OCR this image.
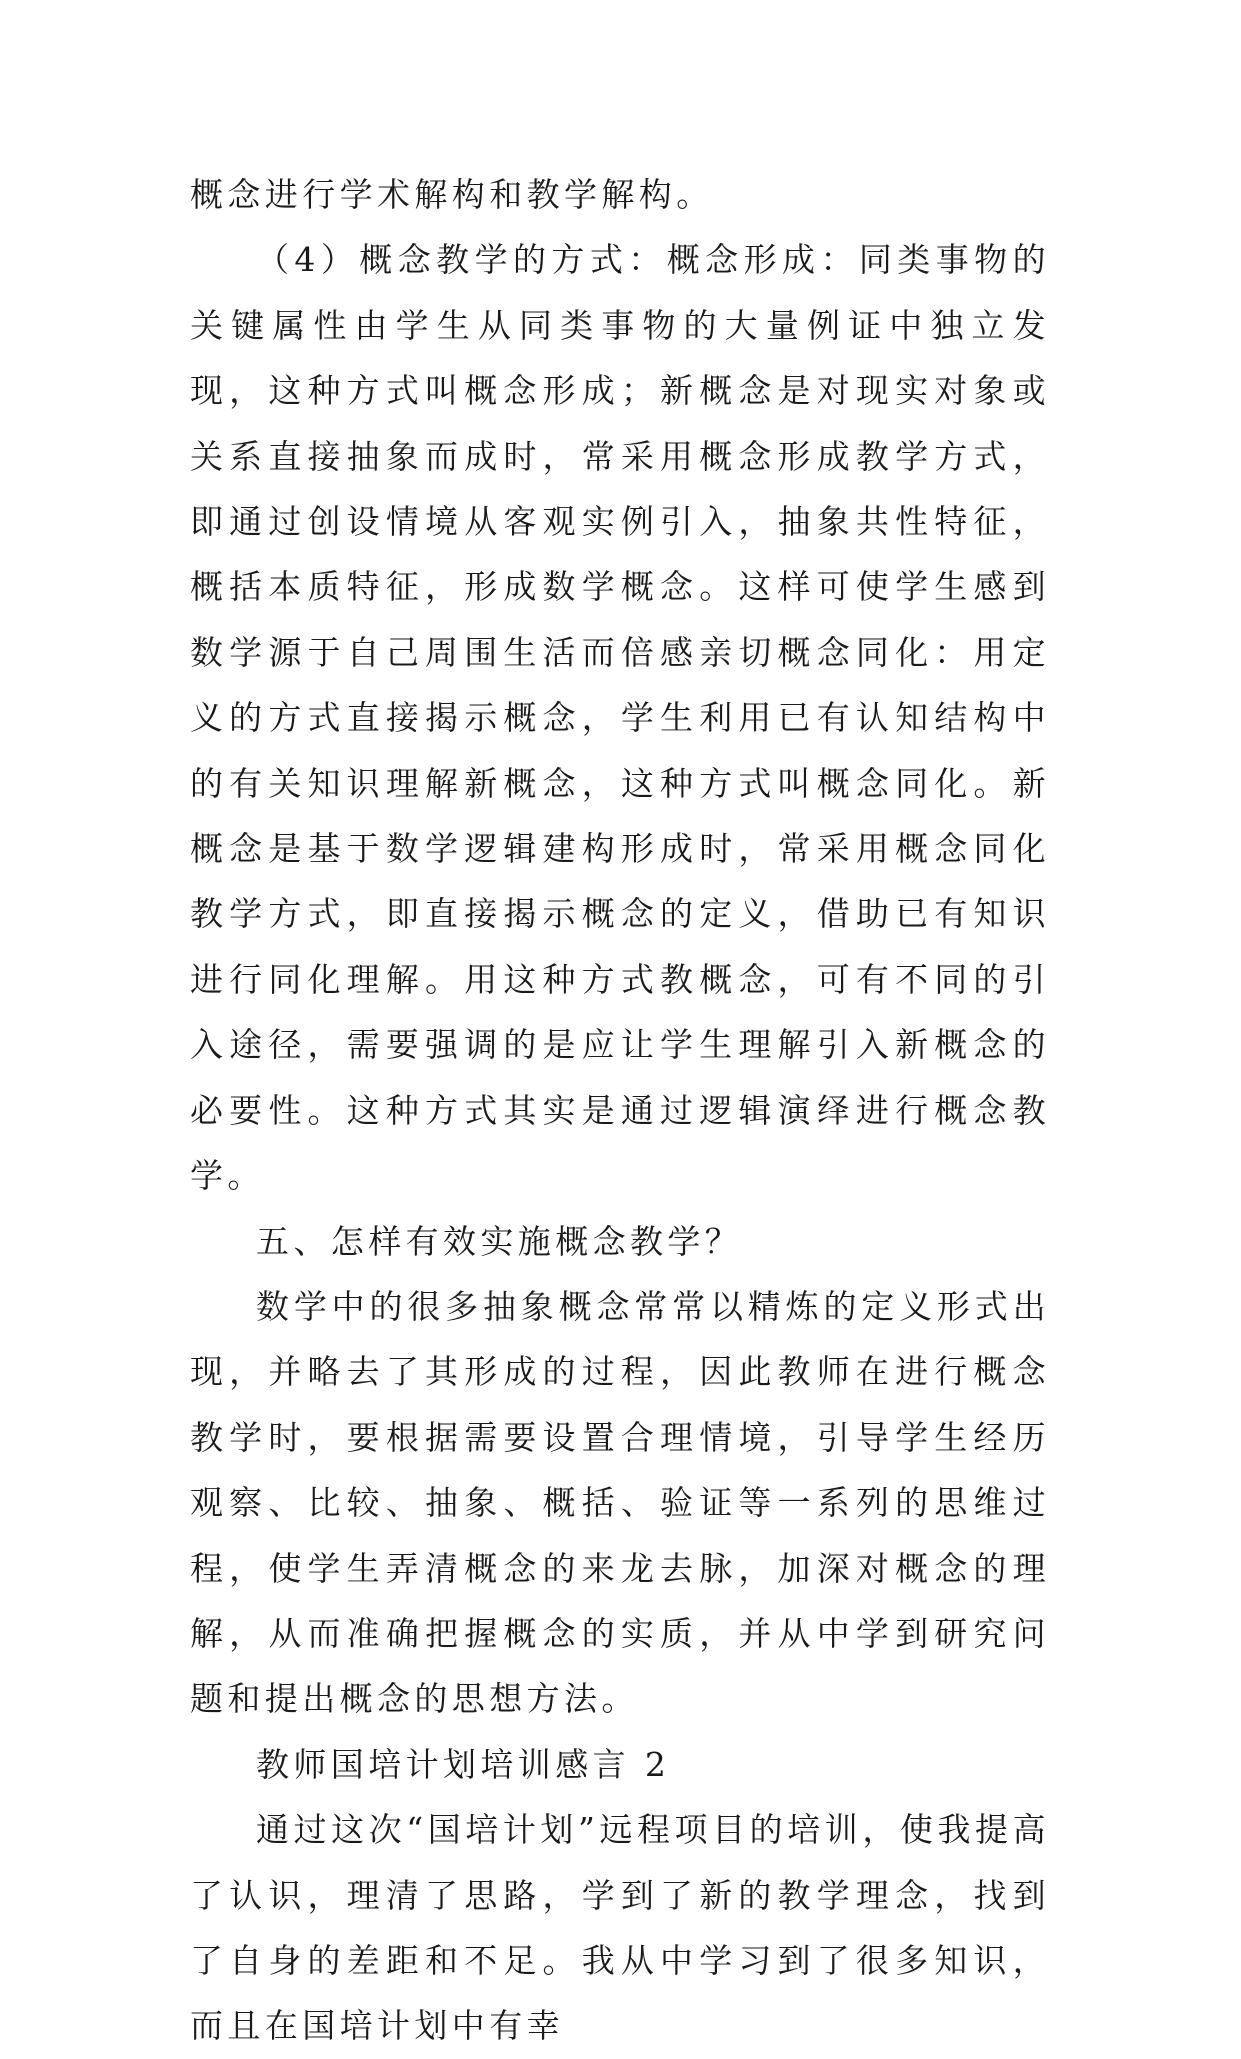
概念进行学术解构和教学解构。

（4）概念教学的方式：概念形成：同类事物的关键属性由学生从同类事物的大量例证中独立发现，这种方式叫概念形成；新概念是对现实对象或关系直接抽象而成时，常采用概念形成教学方式，即通过创设情境从客观实例引入，抽象共性特征，概括本质特征，形成数学概念。这样可使学生感到数学源于自己周围生活而倍感亲切概念同化：用定义的方式直接揭示概念，学生利用已有认知结构中的有关知识理解新概念，这种方式叫概念同化。新概念是基于数学逻辑建构形成时，常采用概念同化教学方式，即直接揭示概念的定义，借助已有知识进行同化理解。用这种方式教概念，可有不同的引入途径，需要强调的是应让学生理解引入新概念的必要性。这种方式其实是通过逻辑演绎进行概念教学。

五、怎样有效实施概念教学？

数学中的很多抽象概念常常以精炼的定义形式出现，并略去了其形成的过程，因此教师在进行概念教学时，要根据需要设置合理情境，引导学生经历观察、比较、抽象、概括、验证等一系列的思维过程，使学生弄清概念的来龙去脉，加深对概念的理解，从而准确把握概念的实质，并从中学到研究问题和提出概念的思想方法。

教师国培计划培训感言 2

通过这次“国培计划”远程项目的培训，使我提高了认识，理清了思路，学到了新的教学理念，找到了自身的差距和不足。我从中学习到了很多知识，而且在国培计划中有幸
